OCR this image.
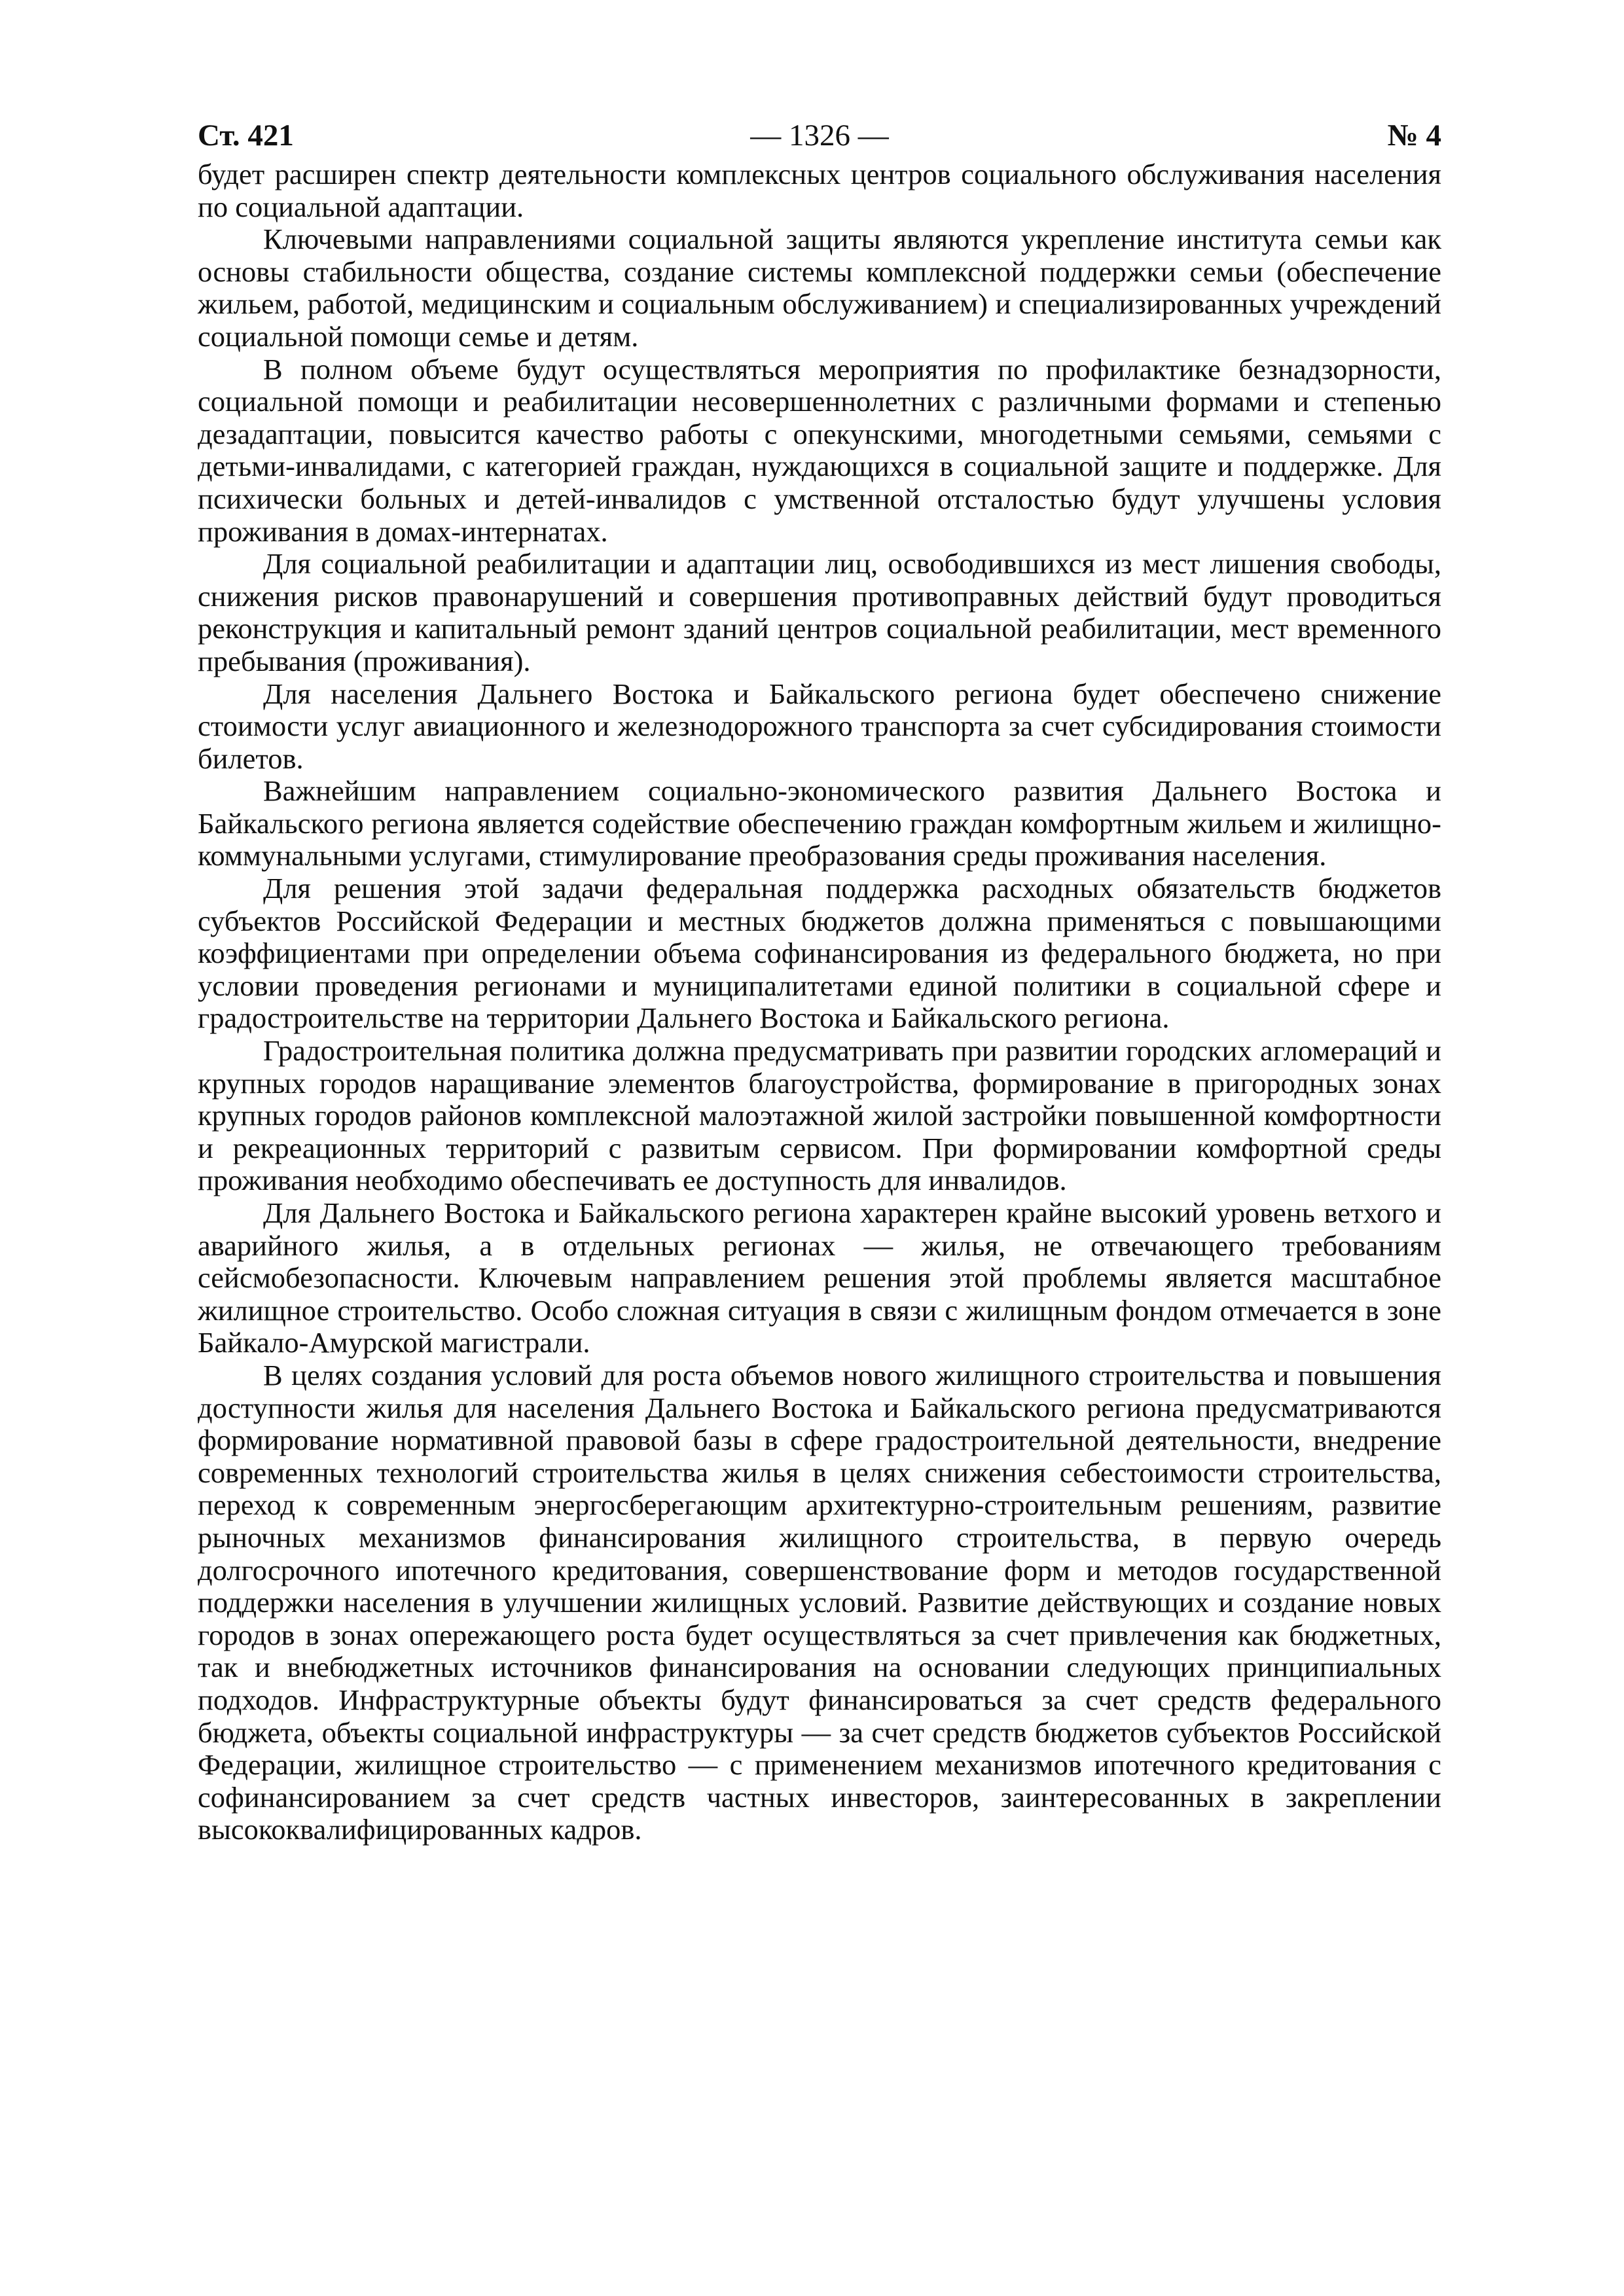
Ст. 421	— 1326 —	№ 4

будет расширен спектр деятельности комплексных центров социального обслуживания населения по социальной адаптации.

Ключевыми направлениями социальной защиты являются укрепление института семьи как основы стабильности общества, создание системы комплексной поддержки семьи (обеспечение жильем, работой, медицинским и социальным обслуживанием) и специализированных учреждений социальной помощи семье и детям.

В полном объеме будут осуществляться мероприятия по профилактике безнадзорности, социальной помощи и реабилитации несовершеннолетних с различными формами и степенью дезадаптации, повысится качество работы с опекунскими, многодетными семьями, семьями с детьми-инвалидами, с категорией граждан, нуждающихся в социальной защите и поддержке. Для психически больных и детей-инвалидов с умственной отсталостью будут улучшены условия проживания в домах-интернатах.

Для социальной реабилитации и адаптации лиц, освободившихся из мест лишения свободы, снижения рисков правонарушений и совершения противоправных действий будут проводиться реконструкция и капитальный ремонт зданий центров социальной реабилитации, мест временного пребывания (проживания).

Для населения Дальнего Востока и Байкальского региона будет обеспечено снижение стоимости услуг авиационного и железнодорожного транспорта за счет субсидирования стоимости билетов.

Важнейшим направлением социально-экономического развития Дальнего Востока и Байкальского региона является содействие обеспечению граждан комфортным жильем и жилищно-коммунальными услугами, стимулирование преобразования среды проживания населения.

Для решения этой задачи федеральная поддержка расходных обязательств бюджетов субъектов Российской Федерации и местных бюджетов должна применяться с повышающими коэффициентами при определении объема софинансирования из федерального бюджета, но при условии проведения регионами и муниципалитетами единой политики в социальной сфере и градостроительстве на территории Дальнего Востока и Байкальского региона.

Градостроительная политика должна предусматривать при развитии городских агломераций и крупных городов наращивание элементов благоустройства, формирование в пригородных зонах крупных городов районов комплексной малоэтажной жилой застройки повышенной комфортности и рекреационных территорий с развитым сервисом. При формировании комфортной среды проживания необходимо обеспечивать ее доступность для инвалидов.

Для Дальнего Востока и Байкальского региона характерен крайне высокий уровень ветхого и аварийного жилья, а в отдельных регионах — жилья, не отвечающего требованиям сейсмобезопасности. Ключевым направлением решения этой проблемы является масштабное жилищное строительство. Особо сложная ситуация в связи с жилищным фондом отмечается в зоне Байкало-Амурской магистрали.

В целях создания условий для роста объемов нового жилищного строительства и повышения доступности жилья для населения Дальнего Востока и Байкальского региона предусматриваются формирование нормативной правовой базы в сфере градостроительной деятельности, внедрение современных технологий строительства жилья в целях снижения себестоимости строительства, переход к современным энергосберегающим архитектурно-строительным решениям, развитие рыночных механизмов финансирования жилищного строительства, в первую очередь долгосрочного ипотечного кредитования, совершенствование форм и методов государственной поддержки населения в улучшении жилищных условий. Развитие действующих и создание новых городов в зонах опережающего роста будет осуществляться за счет привлечения как бюджетных, так и внебюджетных источников финансирования на основании следующих принципиальных подходов. Инфраструктурные объекты будут финансироваться за счет средств федерального бюджета, объекты социальной инфраструктуры — за счет средств бюджетов субъектов Российской Федерации, жилищное строительство — с применением механизмов ипотечного кредитования с софинансированием за счет средств частных инвесторов, заинтересованных в закреплении высококвалифицированных кадров.
